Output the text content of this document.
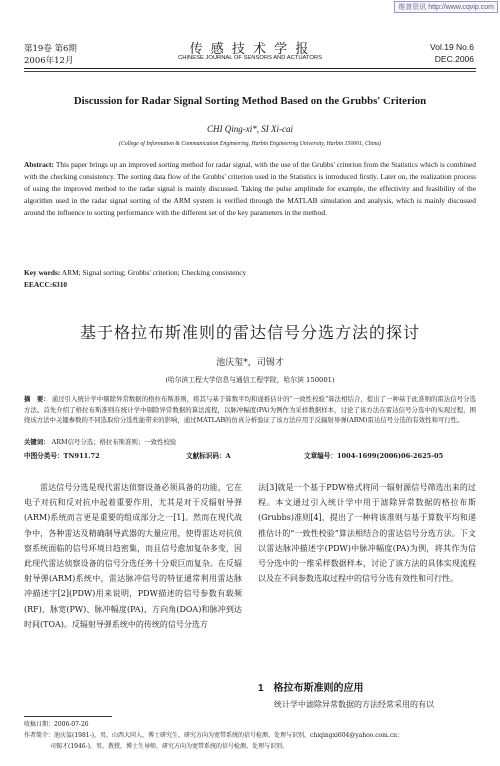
维普资讯 http://www.cqvip.com
第19卷 第6期
2006年12月
传 感 技 术 学 报
CHINESE JOURNAL OF SENSORS AND ACTUATORS
Vol.19 No.6
DEC.2006
Discussion for Radar Signal Sorting Method Based on the Grubbs' Criterion
CHI Qing-xi*, SI Xi-cai
(College of Information & Communication Engineering, Harbin Engineering University, Harbin 150001, China)
Abstract: This paper brings up an improved sorting method for radar signal, with the use of the Grubbs' criterion from the Statistics which is combined with the checking consistency. The sorting data flow of the Grubbs' criterion used in the Statistics is introduced firstly. Later on, the realization process of using the improved method to the radar signal is mainly discussed. Taking the pulse amplitude for example, the effectivity and feasibility of the algorithm used in the radar signal sorting of the ARM system is verified through the MATLAB simulation and analysis, which is mainly discussed around the influence to sorting performance with the different set of the key parameters in the method.
Key words: ARM; Signal sorting; Grubbs' criterion; Checking consistency
EEACC:6310
基于格拉布斯准则的雷达信号分选方法的探讨
池庆玺*，司锡才
(哈尔滨工程大学信息与通信工程学院，哈尔滨 150001)
摘　要： 通过引入统计学中剔除异常数据的格拉布斯准则，将其与基于算数平均和递推估计的“一致性校验”算法相结合，提出了一种基于此准则的雷达信号分选方法。首先介绍了格拉布斯准则在统计学中剔除异常数据的算法流程，以脉冲幅度(PA)为例作为采样数据样本，讨论了该方法在雷达信号分选中的实现过程，围绕该方法中关键参数的不同选取给分选性能带来的影响，通过MATLAB的仿真分析验证了该方法应用于反辐射导弹(ARM)雷达信号分选的有效性和可行性。
关键词： ARM信号分选；格拉布斯准则；一致性校验
中图分类号：TN911.72	文献标识码：A	文章编号：1004-1699(2006)06-2625-05
雷达信号分选是现代雷达侦察设备必须具备的功能，它在电子对抗和反对抗中起着重要作用，尤其是对于反辐射导弹(ARM)系统而言更是重要的组成部分之一[1]。然而在现代战争中，各种雷达及精确制导武器的大量应用，使得雷达对抗侦察系统面临的信号环境日趋密集，而且信号愈加复杂多变，因此现代雷达侦察设备的信号分选任务十分艰巨而复杂。在反辐射导弹(ARM)系统中，雷达脉冲信号的特征通常利用雷达脉冲描述字[2](PDW)用来说明，PDW描述的信号参数有载频(RF)、脉宽(PW)、脉冲幅度(PA)、方向角(DOA)和脉冲到达时间(TOA)。反辐射导弹系统中的传统的信号分选方
法[3]就是一个基于PDW格式将同一辐射源信号筛选出来的过程。本文通过引入统计学中用于滤除异常数据的格拉布斯(Grubbs)准则[4]，提出了一种将该准则与基于算数平均和递推估计的“一致性校验”算法相结合的雷达信号分选方法。下文以雷达脉冲描述字(PDW)中脉冲幅度(PA)为例，将其作为信号分选中的一维采样数据样本，讨论了该方法的具体实现流程以及在不同参数选取过程中的信号分选有效性和可行性。
1　格拉布斯准则的应用
统计学中滤除异常数据的方法经常采用的有以
收稿日期：2006-07-26
作者简介：池庆玺(1981-)，男，山西大同人，博士研究生，研究方向为宽带系统的信号检测、处理与识别，chiqingxi604@yahoo.com.cn；
司锡才(1946-)，男，教授，博士生导师，研究方向为宽带系统的信号检测、处理与识别。
